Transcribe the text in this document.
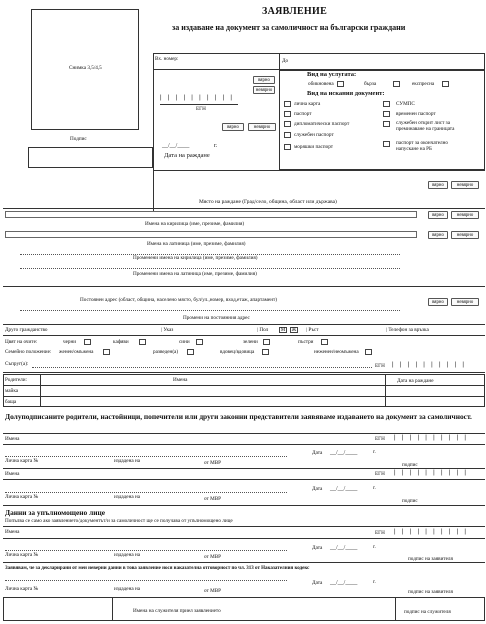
ЗАЯВЛЕНИЕ
за издаване на документ за самоличност на български граждани
Снимка 3,5/4,5
Подпис
Вх. номер:	До
вярно
невярно
| | | | | | | | | |
ЕГН
вярно	невярно
__/__/____	г.
Дата на раждане
Вид на услугата:
обикновена	бърза	експресна
Вид на искания документ:
лична карта
паспорт
дипломатически паспорт
служебен паспорт
моряшки паспорт
СУМПС
временен паспорт
служебен открит лист за преминаване на границата
паспорт за окончателно напускане на РБ
вярно	невярно
Място на раждане (Град/село, община, област или държава)
вярно	невярно
Имена на кирилица (име, презиме, фамилия)
вярно	невярно
Имена на латиница (име, презиме, фамилия)
Променени имена на кирилица (име, презиме, фамилия)
Променени имена на латиница (име, презиме, фамилия)
вярно	невярно
Постоянен адрес (област, община, населено място, бул/ул.,номер, вход,етаж, апартамент)
Промени на постоянния адрес
Друго гражданство	| Указ	| Пол	М	Ж	| Ръст	| Телефон за връзка
Цвят на очите:	черни	кафяви	сини	зелени	пъстри
Семейно положение: женен/омъжена	разведен(а)	вдовец/вдовица	неженен/неомъжена
Съпруг(а):	ЕГН | | | | | | | | | |
Родители:	Имена	Дата на раждане
майка
баща
Долуподписаните родители, настойници, попечители или други законни представители заявяваме издаването на документ за самоличност.
Имена	ЕГН | | | | | | | | | |
Дата __/__/____	г.
Лична карта №	издадена на	от МВР	подпис
Имена	ЕГН | | | | | | | | | |
Дата __/__/____	г.
Лична карта №	издадена на	от МВР	подпис
Данни за упълномощено лице
Попълва се само ако заявлението/документът/и за самоличност ще се получава от упълномощено лице
Имена	ЕГН | | | | | | | | | |
Дата __/__/____	г.
Лична карта №	издадена на	от МВР	подпис на заявителя
Заявявам, че за декларирани от мен неверни данни в това заявление нося наказателна отговорност по чл. 313 от Наказателния кодекс
Дата __/__/____	г.
Лична карта №	издадена на	от МВР	подпис на заявителя
Имена на служителя приел заявлението	подпис на служителя
